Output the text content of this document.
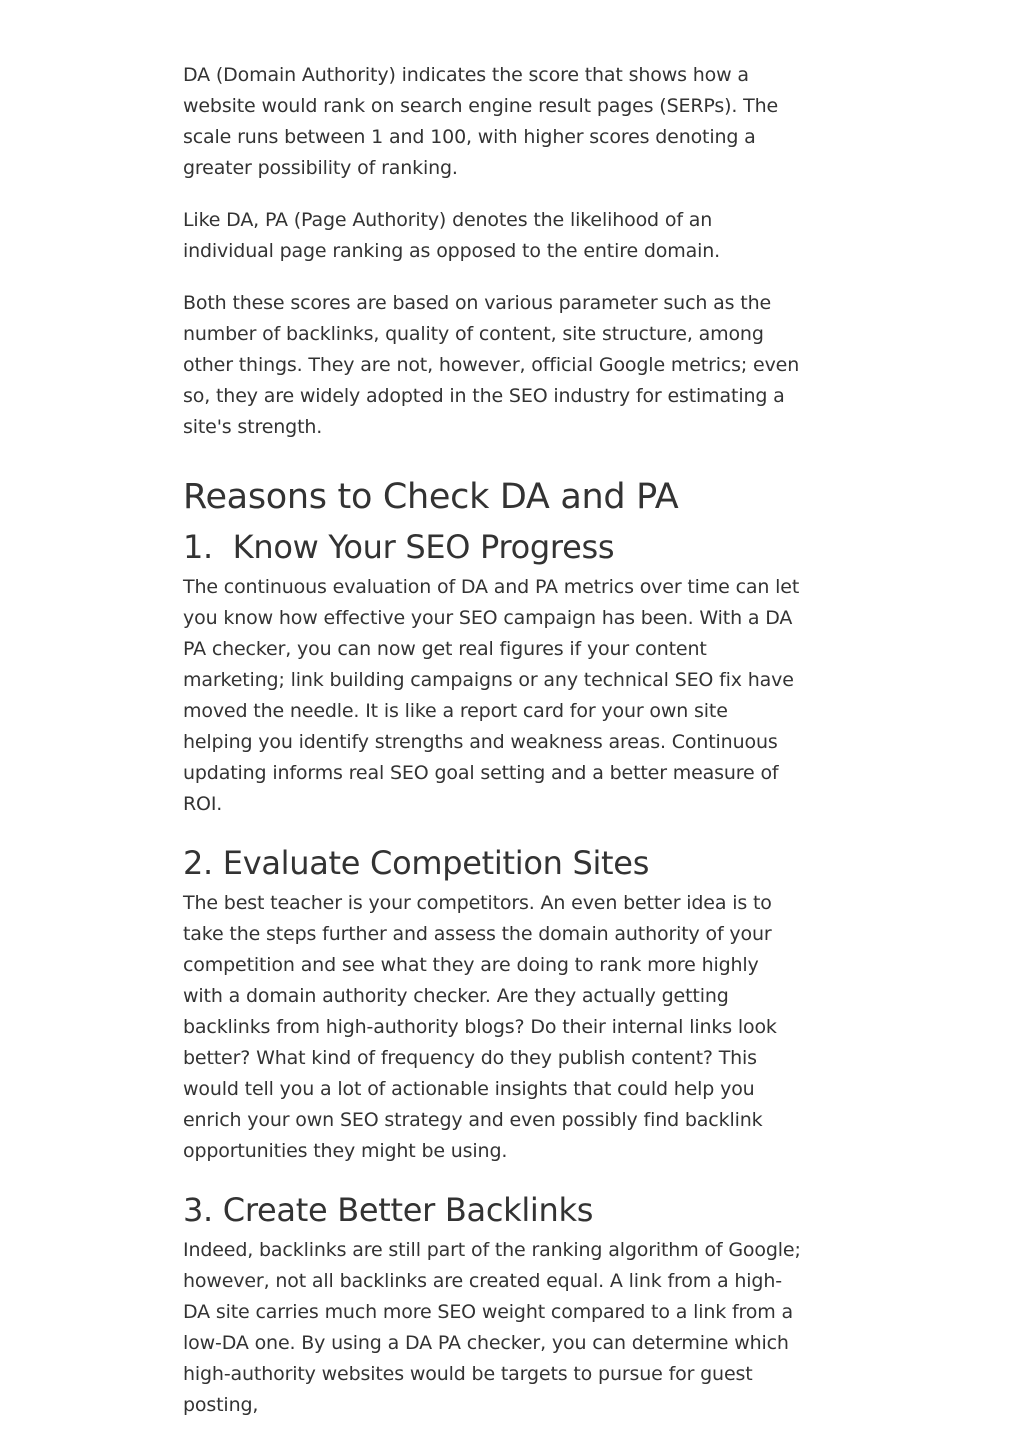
DA (Domain Authority) indicates the score that shows how a website would rank on search engine result pages (SERPs). The scale runs between 1 and 100, with higher scores denoting a greater possibility of ranking.

Like DA, PA (Page Authority) denotes the likelihood of an individual page ranking as opposed to the entire domain.

Both these scores are based on various parameter such as the number of backlinks, quality of content, site structure, among other things. They are not, however, official Google metrics; even so, they are widely adopted in the SEO industry for estimating a site's strength.

Reasons to Check DA and PA
1.  Know Your SEO Progress

The continuous evaluation of DA and PA metrics over time can let you know how effective your SEO campaign has been. With a DA PA checker, you can now get real figures if your content marketing; link building campaigns or any technical SEO fix have moved the needle. It is like a report card for your own site helping you identify strengths and weakness areas. Continuous updating informs real SEO goal setting and a better measure of ROI.

2. Evaluate Competition Sites

The best teacher is your competitors. An even better idea is to take the steps further and assess the domain authority of your competition and see what they are doing to rank more highly with a domain authority checker. Are they actually getting backlinks from high-authority blogs? Do their internal links look better? What kind of frequency do they publish content? This would tell you a lot of actionable insights that could help you enrich your own SEO strategy and even possibly find backlink opportunities they might be using.

3. Create Better Backlinks

Indeed, backlinks are still part of the ranking algorithm of Google; however, not all backlinks are created equal. A link from a high-DA site carries much more SEO weight compared to a link from a low-DA one. By using a DA PA checker, you can determine which high-authority websites would be targets to pursue for guest posting,
